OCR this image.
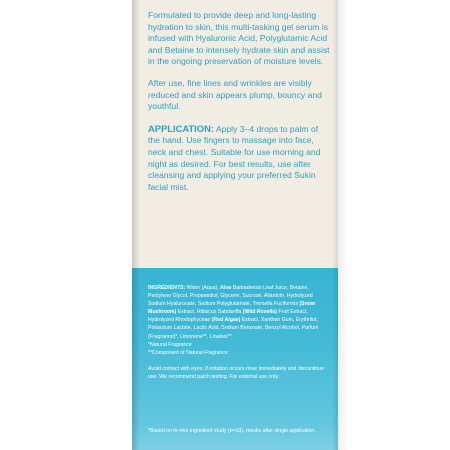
Formulated to provide deep and long-lasting hydration to skin, this multi-tasking gel serum is infused with Hyaluronic Acid, Polyglutamic Acid and Betaine to intensely hydrate skin and assist in the ongoing preservation of moisture levels.

After use, fine lines and wrinkles are visibly reduced and skin appears plump, bouncy and youthful.

APPLICATION: Apply 3–4 drops to palm of the hand. Use fingers to massage into face, neck and chest. Suitable for use morning and night as desired. For best results, use after cleansing and applying your preferred Sukin facial mist.

INGREDIENTS: Water (Aqua), Aloe Barbadensis Leaf Juice, Betaine, Pentylene Glycol, Propanediol, Glycerin, Sucrose, Allantoin, Hydrolyzed Sodium Hyaluronate, Sodium Polyglutamate, Tremella Fuciformis (Snow Mushroom) Extract, Hibiscus Sabdariffa (Wild Rosella) Fruit Extract, Hydrolyzed Rhodophyceae (Red Algae) Extract, Xanthan Gum, Erythritol, Potassium Lactate, Lactic Acid, Sodium Benzoate, Benzyl Alcohol, Parfum (Fragrance)*, Limonene**, Linalool**

*Natural Fragrance

**Component of Natural Fragrance

Avoid contact with eyes. If irritation occurs rinse immediately and discontinue use. We recommend patch testing. For external use only.

*Based on in-vivo ingredient study (n=10), results after single application.
